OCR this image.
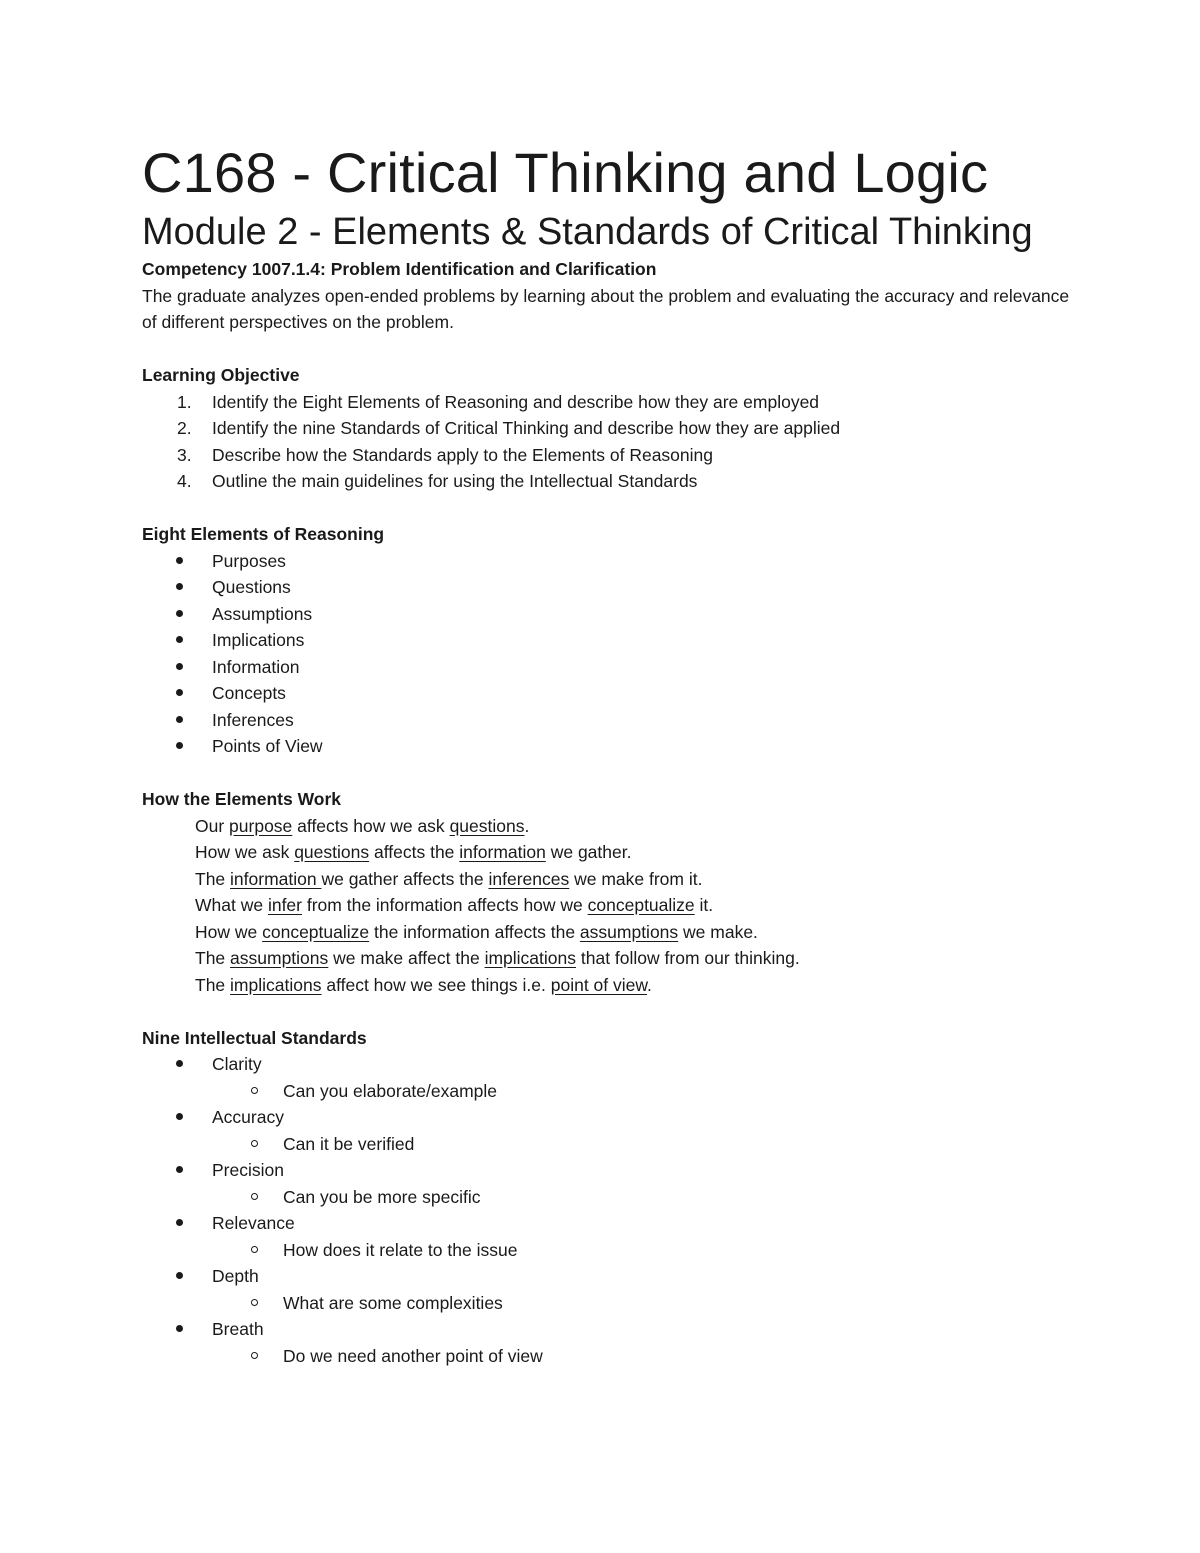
C168 - Critical Thinking and Logic
Module 2 - Elements & Standards of Critical Thinking
Competency 1007.1.4: Problem Identification and Clarification
The graduate analyzes open-ended problems by learning about the problem and evaluating the accuracy and relevance of different perspectives on the problem.
Learning Objective
1. Identify the Eight Elements of Reasoning and describe how they are employed
2. Identify the nine Standards of Critical Thinking and describe how they are applied
3. Describe how the Standards apply to the Elements of Reasoning
4. Outline the main guidelines for using the Intellectual Standards
Eight Elements of Reasoning
Purposes
Questions
Assumptions
Implications
Information
Concepts
Inferences
Points of View
How the Elements Work
Our purpose affects how we ask questions.
How we ask questions affects the information we gather.
The information we gather affects the inferences we make from it.
What we infer from the information affects how we conceptualize it.
How we conceptualize the information affects the assumptions we make.
The assumptions we make affect the implications that follow from our thinking.
The implications affect how we see things i.e. point of view.
Nine Intellectual Standards
Clarity
Can you elaborate/example
Accuracy
Can it be verified
Precision
Can you be more specific
Relevance
How does it relate to the issue
Depth
What are some complexities
Breath
Do we need another point of view
